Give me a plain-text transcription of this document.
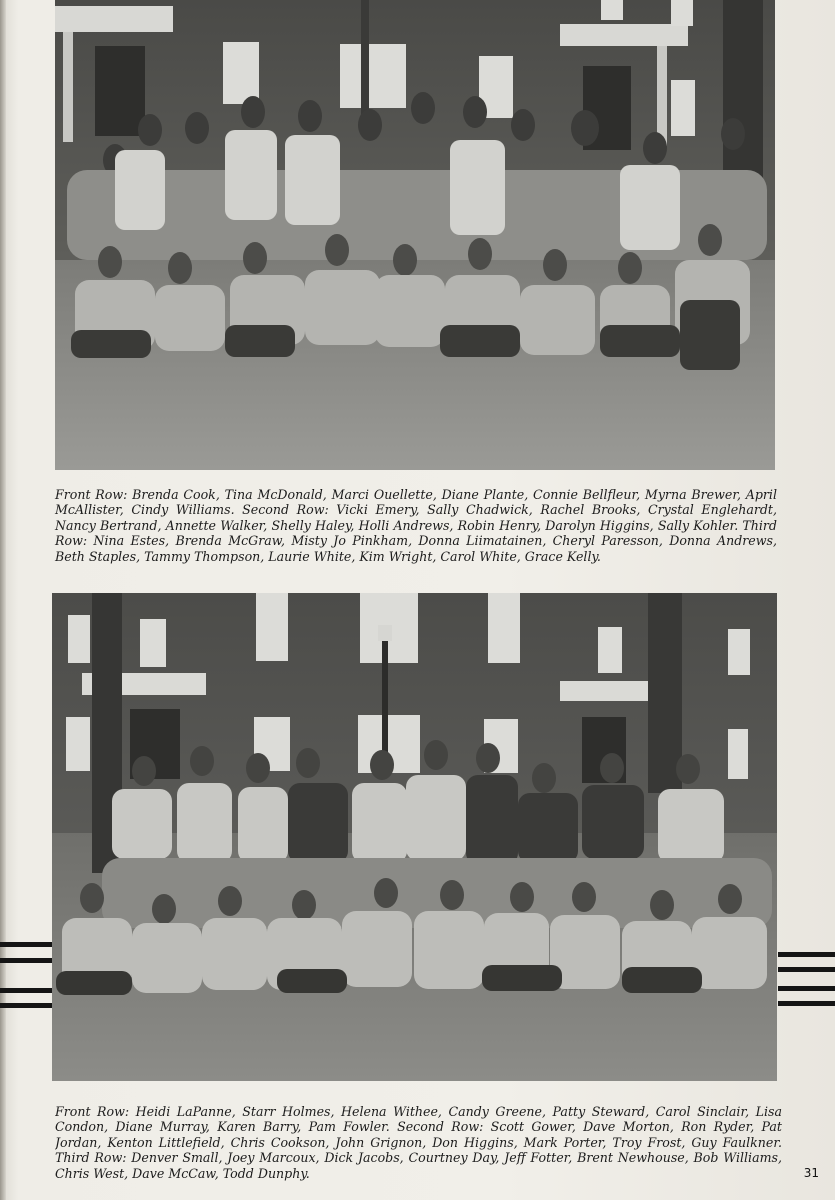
Front Row: Brenda Cook, Tina McDonald, Marci Ouellette, Diane Plante, Connie Bellfleur, Myrna Brewer, April McAllister, Cindy Williams. Second Row: Vicki Emery, Sally Chadwick, Rachel Brooks, Crystal Englehardt, Nancy Bertrand, Annette Walker, Shelly Haley, Holli Andrews, Robin Henry, Darolyn Higgins, Sally Kohler. Third Row: Nina Estes, Brenda McGraw, Misty Jo Pinkham, Donna Liimatainen, Cheryl Paresson, Donna Andrews, Beth Staples, Tammy Thompson, Laurie White, Kim Wright, Carol White, Grace Kelly.
Front Row: Heidi LaPanne, Starr Holmes, Helena Withee, Candy Greene, Patty Steward, Carol Sinclair, Lisa Condon, Diane Murray, Karen Barry, Pam Fowler. Second Row: Scott Gower, Dave Morton, Ron Ryder, Pat Jordan, Kenton Littlefield, Chris Cookson, John Grignon, Don Higgins, Mark Porter, Troy Frost, Guy Faulkner. Third Row: Denver Small, Joey Marcoux, Dick Jacobs, Courtney Day, Jeff Fotter, Brent Newhouse, Bob Williams, Chris West, Dave McCaw, Todd Dunphy.	31
